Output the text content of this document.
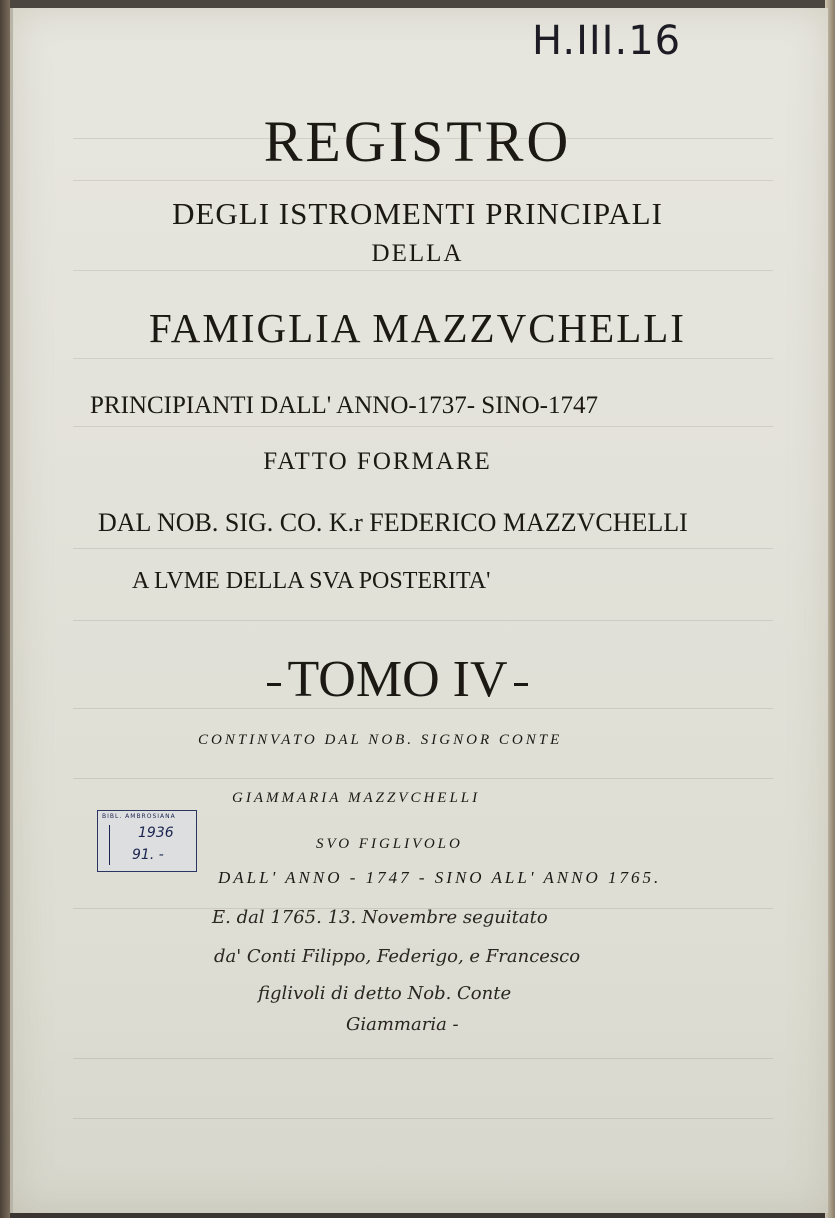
H.III.16
REGISTRO
DEGLI ISTROMENTI PRINCIPALI
DELLA
FAMIGLIA MAZZVCHELLI
PRINCIPIANTI DALL' ANNO-1737- SINO-1747
FATTO FORMARE
DAL NOB. SIG. CO. K.r FEDERICO MAZZVCHELLI
A LVME DELLA SVA POSTERITA'
TOMO IV
CONTINVATO DAL NOB. SIGNOR CONTE
GIAMMARIA MAZZVCHELLI
SVO FIGLIVOLO
DALL' ANNO - 1747 - SINO ALL' ANNO 1765.
E. dal 1765. 13. Novembre seguitato
da' Conti Filippo, Federigo, e Francesco
figlivoli di detto Nob. Conte
Giammaria -
BIBL. AMBROSIANA
1936
91. -
